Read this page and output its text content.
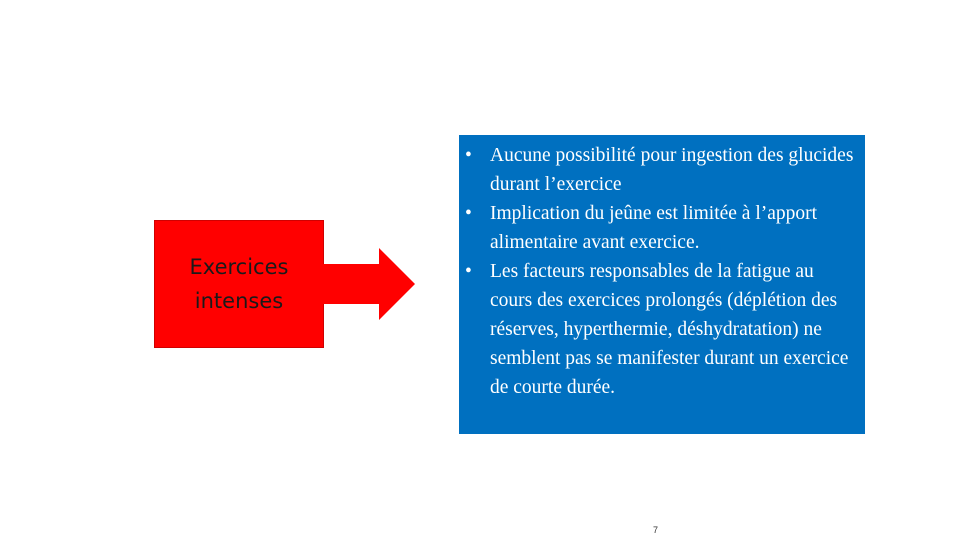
Exercices intenses
• Aucune possibilité pour ingestion des glucides durant l’exercice
• Implication du jeûne est limitée à l’apport alimentaire avant exercice.
• Les facteurs responsables de la fatigue au cours des exercices prolongés (déplétion des réserves, hyperthermie, déshydratation) ne semblent pas se manifester durant un exercice de courte durée.
7
